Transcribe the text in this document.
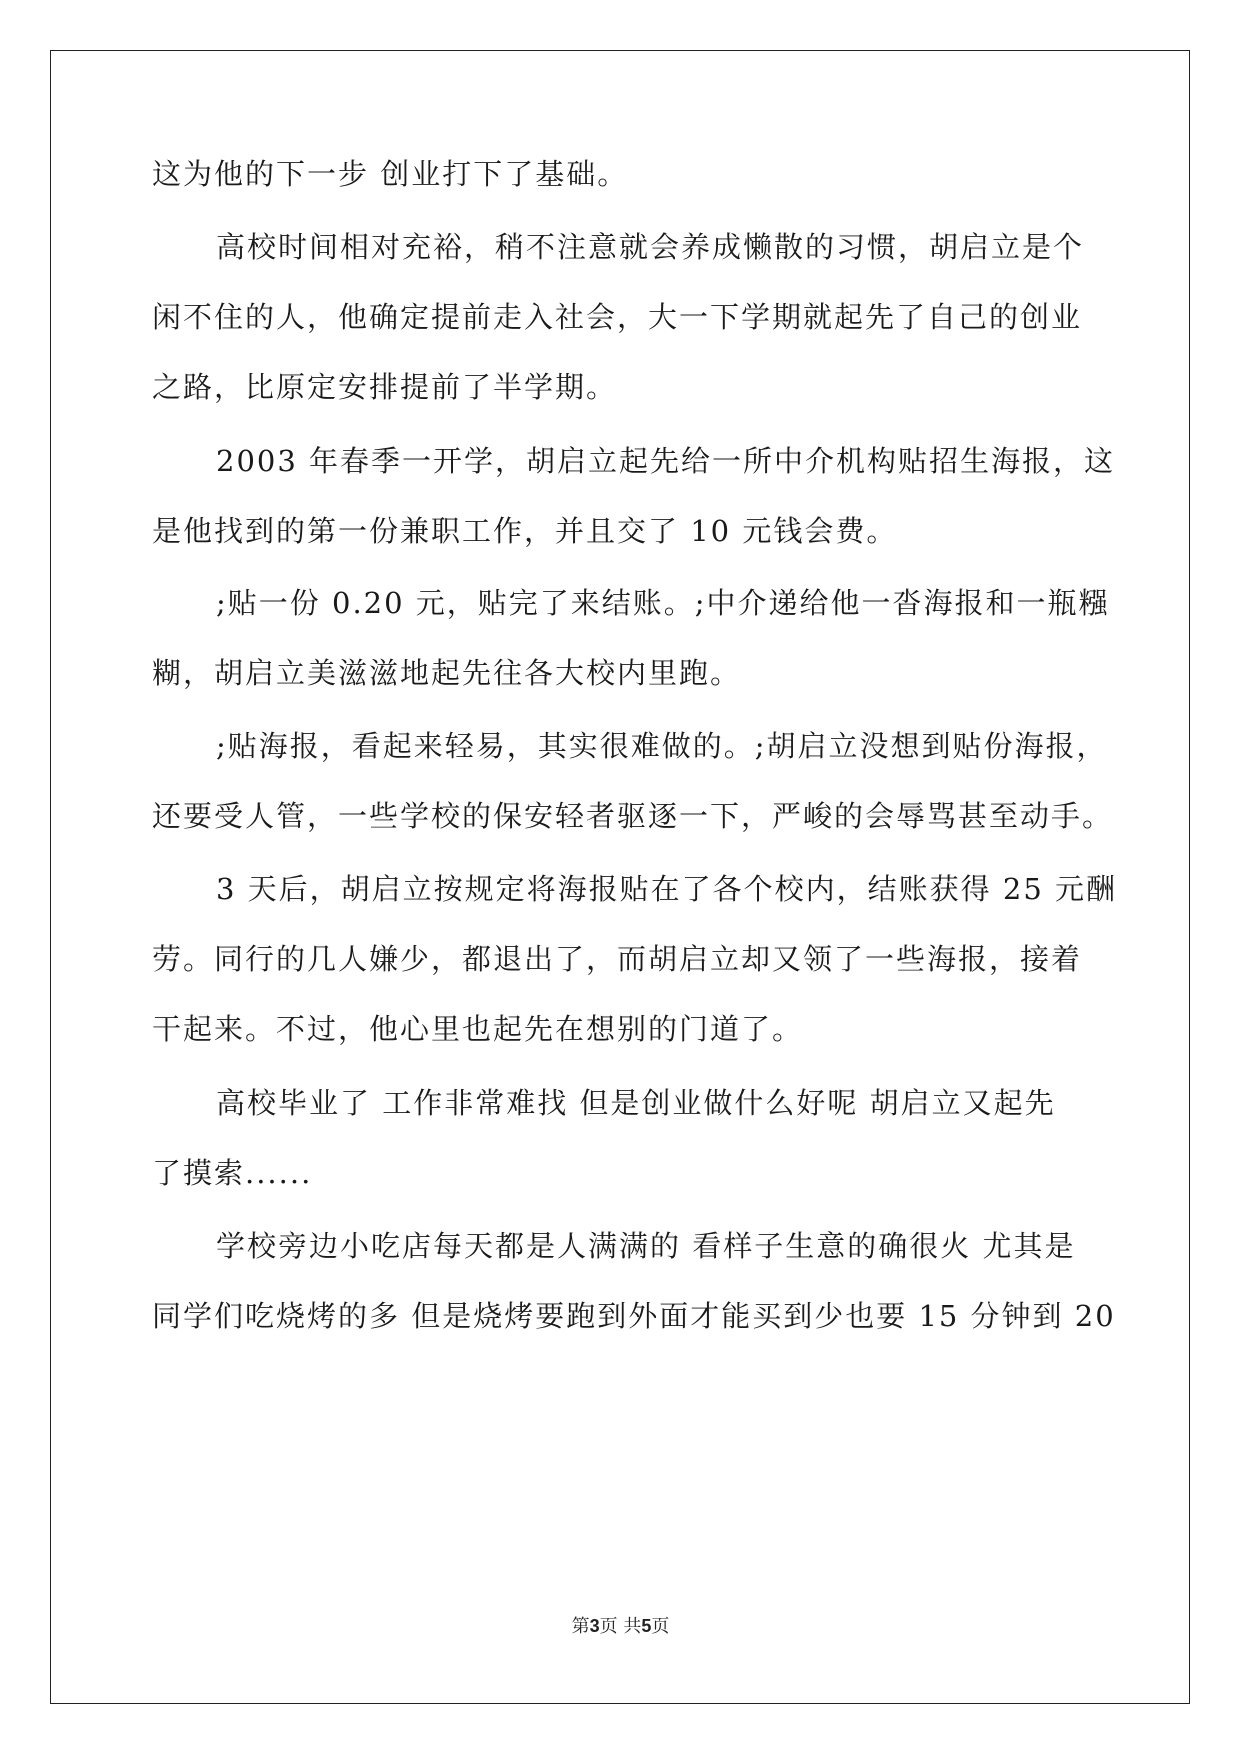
这为他的下一步 创业打下了基础。
高校时间相对充裕，稍不注意就会养成懒散的习惯，胡启立是个
闲不住的人，他确定提前走入社会，大一下学期就起先了自己的创业
之路，比原定安排提前了半学期。
2003 年春季一开学，胡启立起先给一所中介机构贴招生海报，这
是他找到的第一份兼职工作，并且交了 10 元钱会费。
;贴一份 0.20 元，贴完了来结账。;中介递给他一沓海报和一瓶糨
糊，胡启立美滋滋地起先往各大校内里跑。
;贴海报，看起来轻易，其实很难做的。;胡启立没想到贴份海报，
还要受人管，一些学校的保安轻者驱逐一下，严峻的会辱骂甚至动手。
3 天后，胡启立按规定将海报贴在了各个校内，结账获得 25 元酬
劳。同行的几人嫌少，都退出了，而胡启立却又领了一些海报，接着
干起来。不过，他心里也起先在想别的门道了。
高校毕业了 工作非常难找 但是创业做什么好呢 胡启立又起先
了摸索......
学校旁边小吃店每天都是人满满的 看样子生意的确很火 尤其是
同学们吃烧烤的多 但是烧烤要跑到外面才能买到少也要 15 分钟到 20
第3页 共5页
